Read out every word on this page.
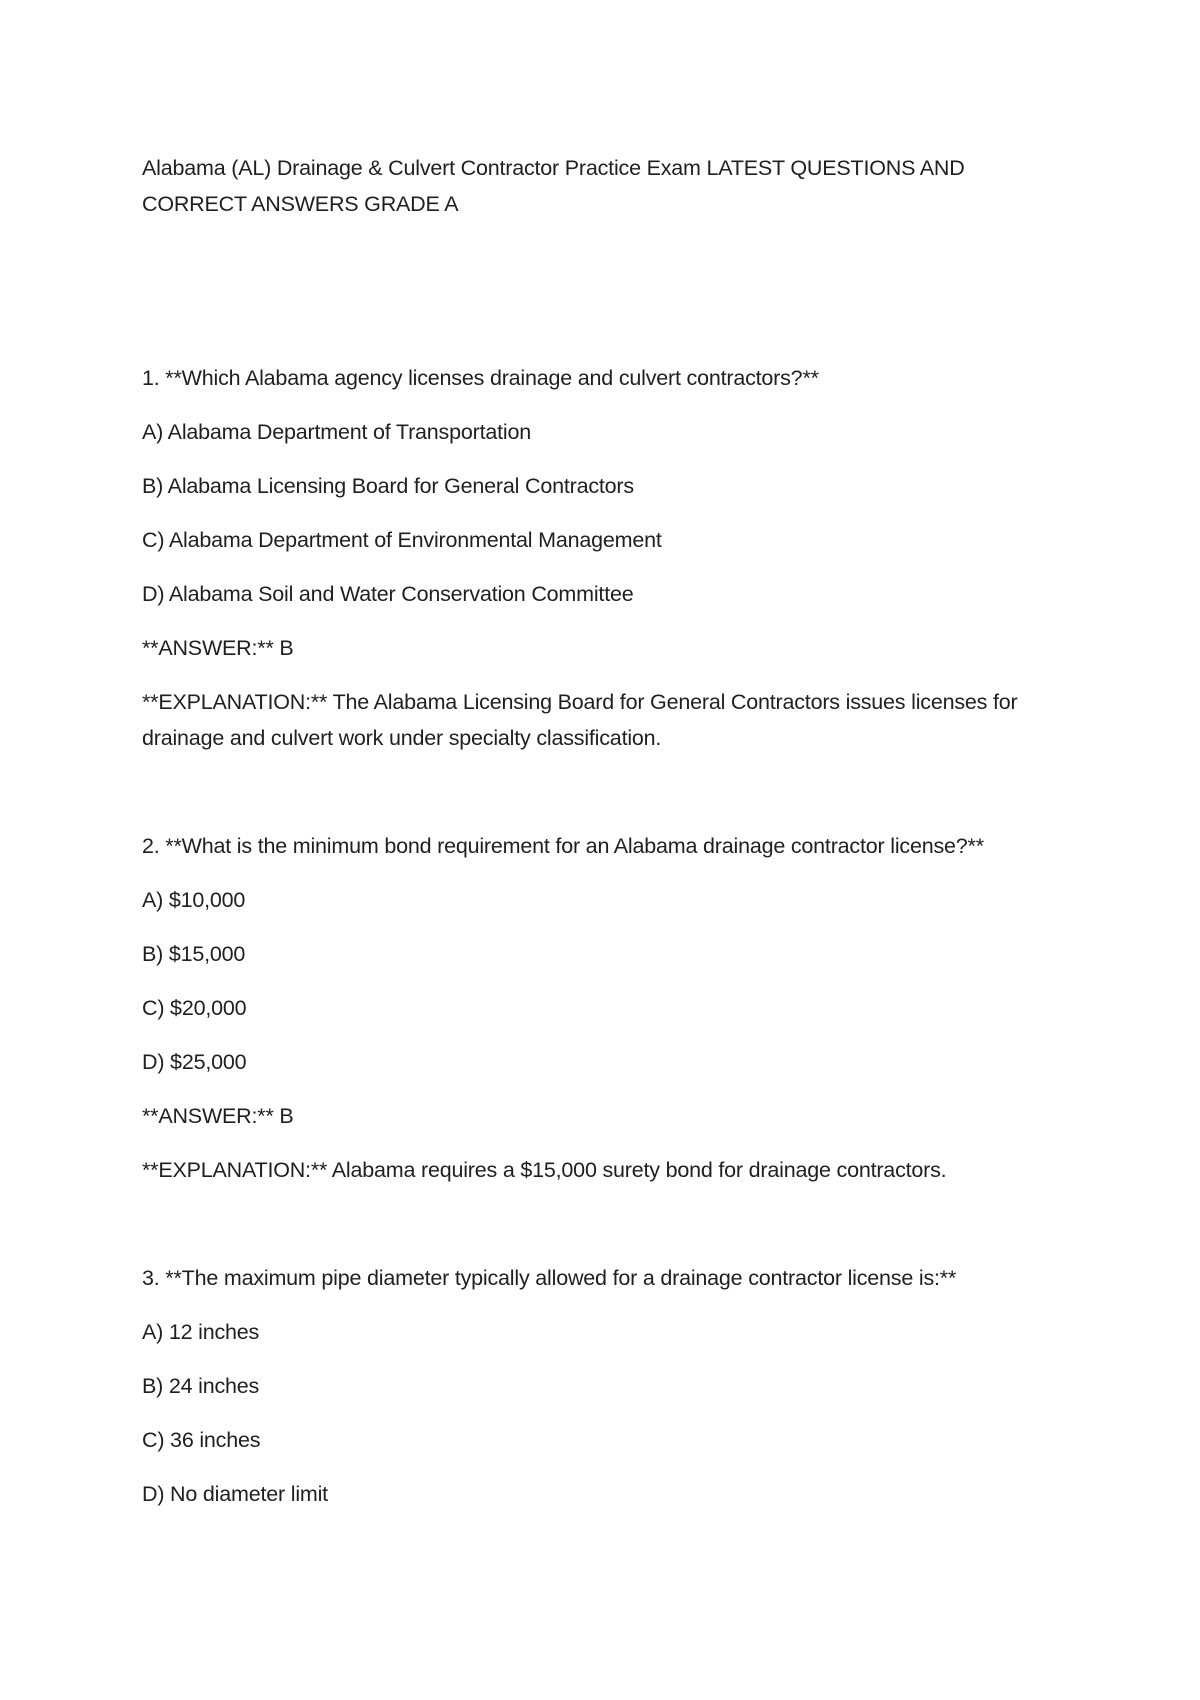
Alabama (AL) Drainage & Culvert Contractor Practice Exam LATEST QUESTIONS AND CORRECT ANSWERS GRADE A

1. **Which Alabama agency licenses drainage and culvert contractors?**

A) Alabama Department of Transportation

B) Alabama Licensing Board for General Contractors

C) Alabama Department of Environmental Management

D) Alabama Soil and Water Conservation Committee

**ANSWER:** B

**EXPLANATION:** The Alabama Licensing Board for General Contractors issues licenses for drainage and culvert work under specialty classification.

2. **What is the minimum bond requirement for an Alabama drainage contractor license?**

A) $10,000

B) $15,000

C) $20,000

D) $25,000

**ANSWER:** B

**EXPLANATION:** Alabama requires a $15,000 surety bond for drainage contractors.

3. **The maximum pipe diameter typically allowed for a drainage contractor license is:**

A) 12 inches

B) 24 inches

C) 36 inches

D) No diameter limit
